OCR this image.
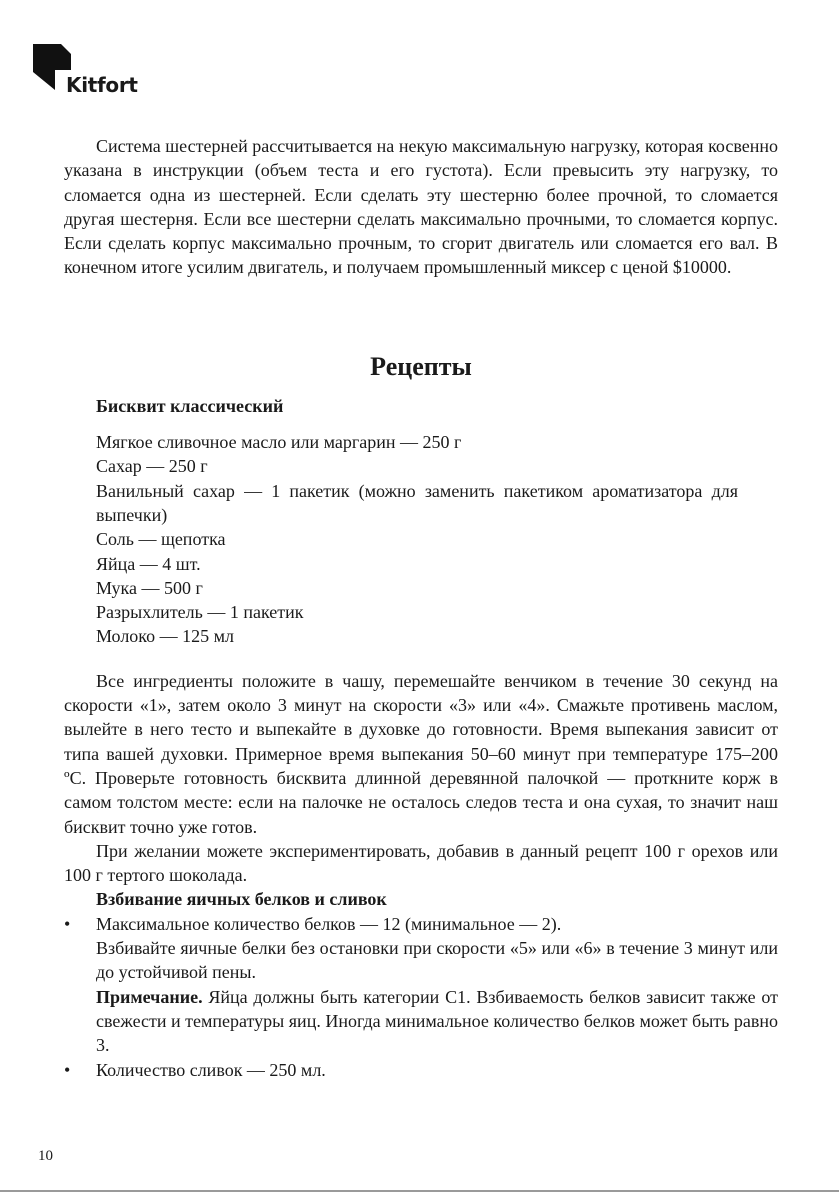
Kitfort

Система шестерней рассчитывается на некую максимальную нагрузку, которая косвенно указана в инструкции (объем теста и его густота). Если превысить эту нагрузку, то сломается одна из шестерней. Если сделать эту шестерню более прочной, то сломается другая шестерня. Если все шестерни сделать максимально прочными, то сломается корпус. Если сделать корпус максимально прочным, то сгорит двигатель или сломается его вал. В конечном итоге усилим двигатель, и получаем промышленный миксер с ценой $10000.

Рецепты

Бисквит классический

Мягкое сливочное масло или маргарин — 250 г

Сахар — 250 г

Ванильный сахар — 1 пакетик (можно заменить пакетиком ароматизатора для выпечки)

Соль — щепотка

Яйца — 4 шт.

Мука — 500 г

Разрыхлитель — 1 пакетик

Молоко — 125 мл

Все ингредиенты положите в чашу, перемешайте венчиком в течение 30 секунд на скорости «1», затем около 3 минут на скорости «3» или «4». Смажьте противень маслом, вылейте в него тесто и выпекайте в духовке до готовности. Время выпекания зависит от типа вашей духовки. Примерное время выпекания 50–60 минут при температуре 175–200 ºC. Проверьте готовность бисквита длинной деревянной палочкой — проткните корж в самом толстом месте: если на палочке не осталось следов теста и она сухая, то значит наш бисквит точно уже готов.

При желании можете экспериментировать, добавив в данный рецепт 100 г орехов или 100 г тертого шоколада.

Взбивание яичных белков и сливок

•	Максимальное количество белков — 12 (минимальное — 2).

Взбивайте яичные белки без остановки при скорости «5» или «6» в течение 3 минут или до устойчивой пены.

Примечание. Яйца должны быть категории С1. Взбиваемость белков зависит также от свежести и температуры яиц. Иногда минимальное количество белков может быть равно 3.

•	Количество сливок — 250 мл.

10
